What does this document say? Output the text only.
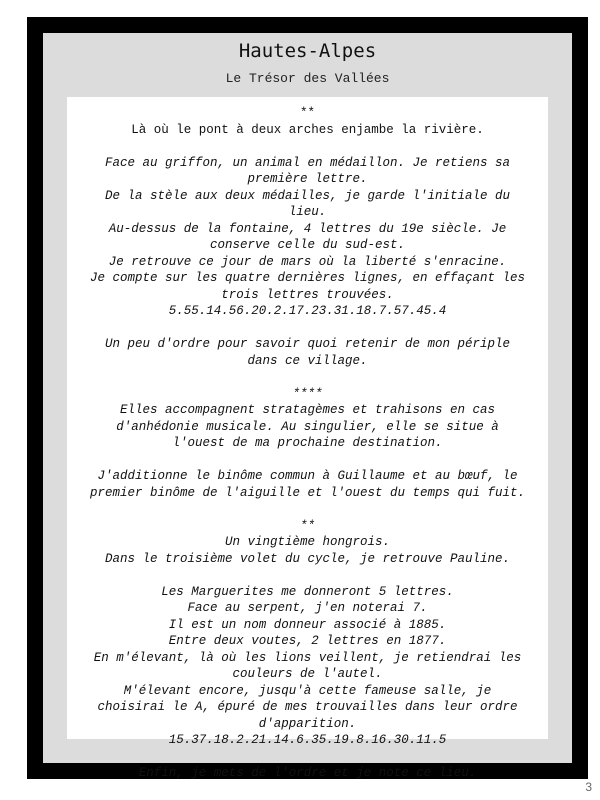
Hautes-Alpes
Le Trésor des Vallées
**
Là où le pont à deux arches enjambe la rivière.
Face au griffon, un animal en médaillon. Je retiens sa
première lettre.
De la stèle aux deux médailles, je garde l'initiale du
lieu.
Au-dessus de la fontaine, 4 lettres du 19e siècle. Je
conserve celle du sud-est.
Je retrouve ce jour de mars où la liberté s'enracine.
Je compte sur les quatre dernières lignes, en effaçant les
trois lettres trouvées.
5.55.14.56.20.2.17.23.31.18.7.57.45.4
Un peu d'ordre pour savoir quoi retenir de mon périple
dans ce village.
****
Elles accompagnent stratagèmes et trahisons en cas
d'anhédonie musicale. Au singulier, elle se situe à
l'ouest de ma prochaine destination.
J'additionne le binôme commun à Guillaume et au bœuf, le
premier binôme de l'aiguille et l'ouest du temps qui fuit.
**
Un vingtième hongrois.
Dans le troisième volet du cycle, je retrouve Pauline.
Les Marguerites me donneront 5 lettres.
Face au serpent, j'en noterai 7.
Il est un nom donneur associé à 1885.
Entre deux voutes, 2 lettres en 1877.
En m'élevant, là où les lions veillent, je retiendrai les
couleurs de l'autel.
M'élevant encore, jusqu'à cette fameuse salle, je
choisirai le A, épuré de mes trouvailles dans leur ordre
d'apparition.
15.37.18.2.21.14.6.35.19.8.16.30.11.5
Enfin, je mets de l'ordre et je note ce lieu.
3
